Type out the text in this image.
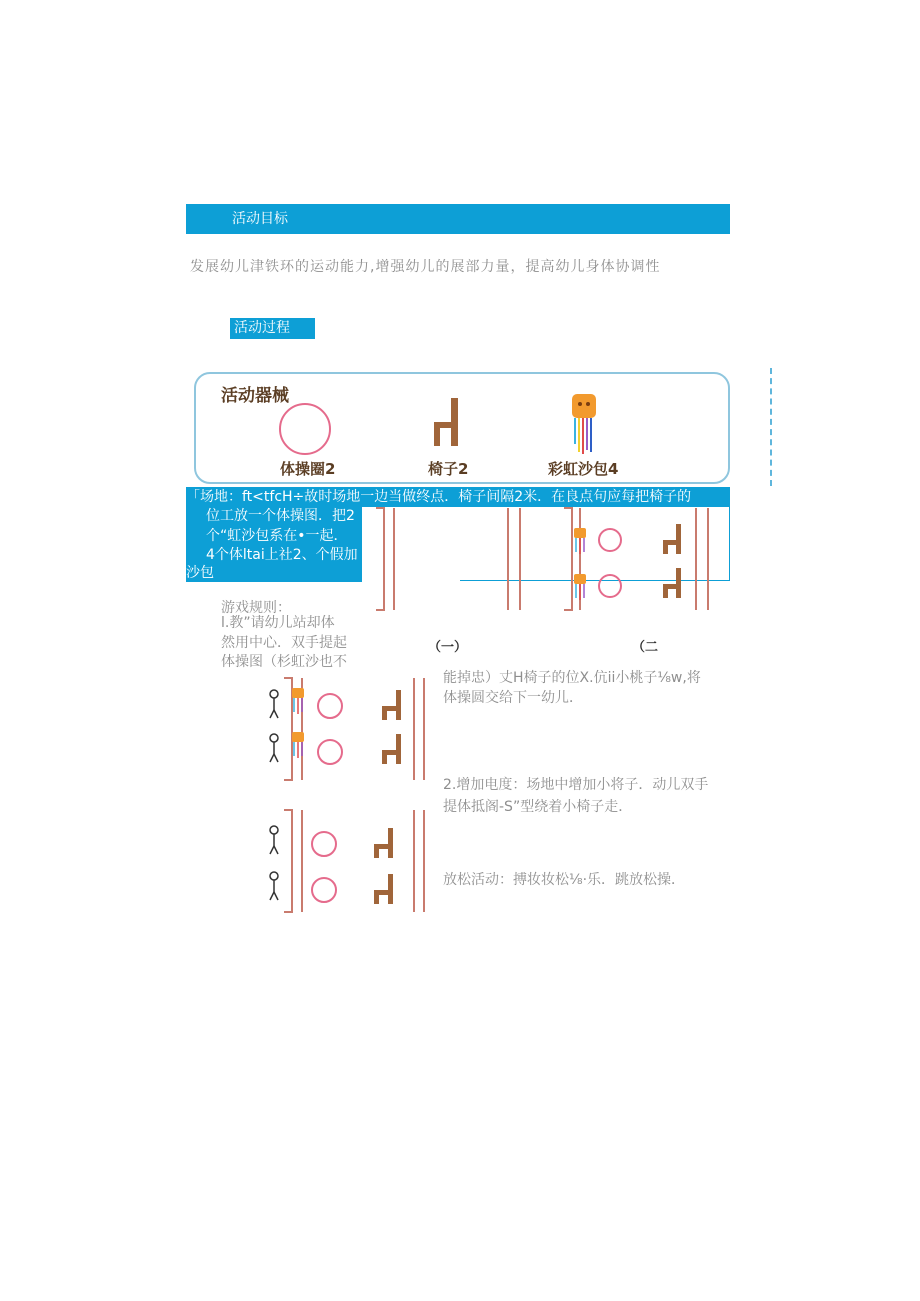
活动目标
发展幼儿津铁环的运动能力,增强幼儿的展部力量，提高幼儿身体协调性
活动过程
活动器械
体操圈2	椅子2	彩虹沙包4
「场地：ft<tfcH÷故时场地一边当做终点．椅子间隔2米．在良点句应每把椅子的
位工放一个体操图．把2
个“虹沙包系在•一起．
4个体ltai上社2、个假加
沙包
（一）	（二
游戏规则：
l.教”请幼儿站却体
然用中心．双手提起
体操图（杉虹沙也不
能掉忠）丈H椅子的位X.伉ii小桃子⅛w,将
体操圆交给下一幼儿．
2.增加电度：场地中增加小将子．动儿双手
提体抵阁-S”型绕着小椅子走．
放松活动：搏妆妆松⅛·乐．跳放松操．
